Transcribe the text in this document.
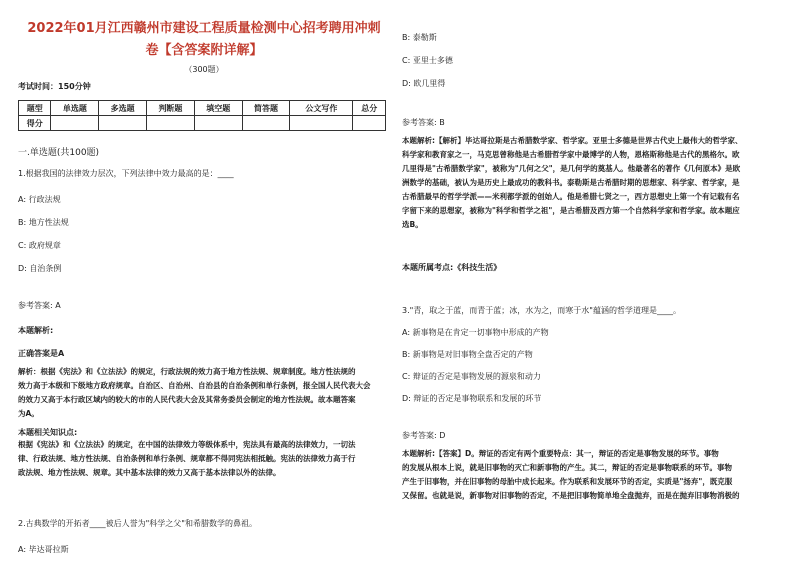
2022年01月江西赣州市建设工程质量检测中心招考聘用冲刺
卷【含答案附详解】
（300题）
考试时间：150分钟
题型	单选题	多选题	判断题	填空题	简答题	公文写作	总分
得分							
一.单选题(共100题)
1.根据我国的法律效力层次，下列法律中效力最高的是：____
A: 行政法规
B: 地方性法规
C: 政府规章
D: 自治条例
参考答案: A
本题解析:
正确答案是A
解析：根据《宪法》和《立法法》的规定，行政法规的效力高于地方性法规、规章制度。地方性法规的
效力高于本级和下级地方政府规章。自治区、自治州、自治县的自治条例和单行条例，报全国人民代表大会
的效力又高于本行政区域内的较大的市的人民代表大会及其常务委员会制定的地方性法规。故本题答案
为A。
本题相关知识点:
根据《宪法》和《立法法》的规定，在中国的法律效力等级体系中，宪法具有最高的法律效力，一切法
律、行政法规、地方性法规、自治条例和单行条例、规章都不得同宪法相抵触。宪法的法律效力高于行
政法规、地方性法规、规章。其中基本法律的效力又高于基本法律以外的法律。
2.古典数学的开拓者____被后人誉为"科学之父"和希腊数学的鼻祖。
A: 毕达哥拉斯
B: 泰勒斯
C: 亚里士多德
D: 欧几里得
参考答案: B
本题解析:【解析】毕达哥拉斯是古希腊数学家、哲学家。亚里士多德是世界古代史上最伟大的哲学家、
科学家和教育家之一，马克思曾称他是古希腊哲学家中最博学的人物，恩格斯称他是古代的黑格尔。欧
几里得是"古希腊数学家"，被称为"几何之父"，是几何学的奠基人。他最著名的著作《几何原本》是欧
洲数学的基础，被认为是历史上最成功的教科书。泰勒斯是古希腊时期的思想家、科学家、哲学家，是
古希腊最早的哲学学派——米利都学派的创始人。他是希腊七贤之一，西方思想史上第一个有记载有名
字留下来的思想家，被称为"科学和哲学之祖"，是古希腊及西方第一个自然科学家和哲学家。故本题应
选B。
本题所属考点:《科技生活》
3."青，取之于蓝，而青于蓝；冰，水为之，而寒于水"蕴涵的哲学道理是____。
A: 新事物是在肯定一切事物中形成的产物
B: 新事物是对旧事物全盘否定的产物
C: 辩证的否定是事物发展的源泉和动力
D: 辩证的否定是事物联系和发展的环节
参考答案: D
本题解析:【答案】D。辩证的否定有两个重要特点：其一，辩证的否定是事物发展的环节。事物
的发展从根本上说，就是旧事物的灭亡和新事物的产生。其二，辩证的否定是事物联系的环节。事物
产生于旧事物，并在旧事物的母胎中成长起来。作为联系和发展环节的否定，实质是"扬弃"，既克服
又保留。也就是说，新事物对旧事物的否定，不是把旧事物简单地全盘抛弃，而是在抛弃旧事物消极的
